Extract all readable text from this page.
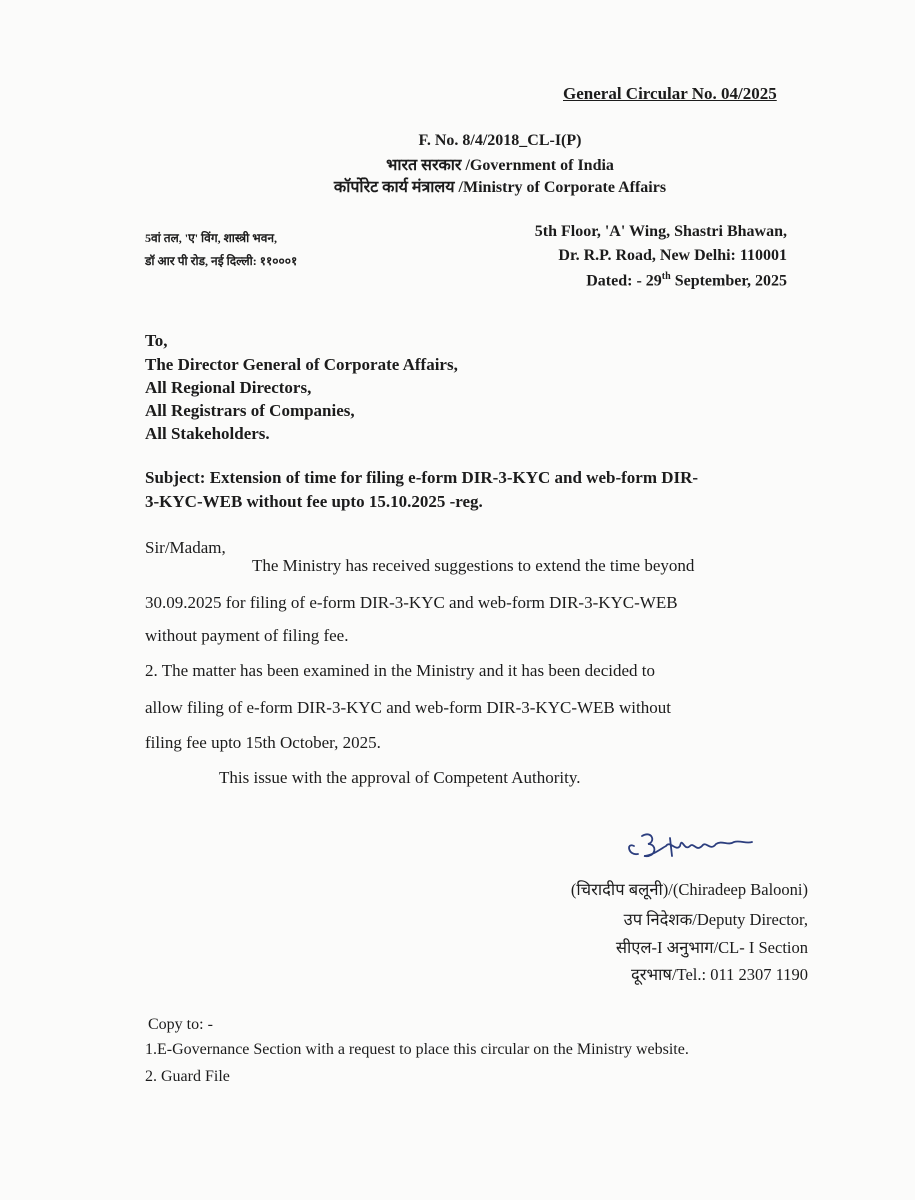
General Circular No. 04/2025
F. No. 8/4/2018_CL-I(P)
भारत सरकार /Government of India
कॉर्पोरेट कार्य मंत्रालय /Ministry of Corporate Affairs
5वां तल, 'ए' विंग, शास्त्री भवन,
डॉ आर पी रोड, नई दिल्ली: ११०००१
5th Floor, 'A' Wing, Shastri Bhawan,
Dr. R.P. Road, New Delhi: 110001
Dated: - 29th September, 2025
To,
The Director General of Corporate Affairs,
All Regional Directors,
All Registrars of Companies,
All Stakeholders.
Subject: Extension of time for filing e-form DIR-3-KYC and web-form DIR-
3-KYC-WEB without fee upto 15.10.2025 -reg.
Sir/Madam,
The Ministry has received suggestions to extend the time beyond
30.09.2025 for filing of e-form DIR-3-KYC and web-form DIR-3-KYC-WEB
without payment of filing fee.
2. The matter has been examined in the Ministry and it has been decided to
allow filing of e-form DIR-3-KYC and web-form DIR-3-KYC-WEB without
filing fee upto 15th October, 2025.
This issue with the approval of Competent Authority.
(चिरादीप बलूनी)/(Chiradeep Balooni)
उप निदेशक/Deputy Director,
सीएल-I अनुभाग/CL- I Section
दूरभाष/Tel.: 011 2307 1190
Copy to: -
1.E-Governance Section with a request to place this circular on the Ministry website.
2. Guard File
